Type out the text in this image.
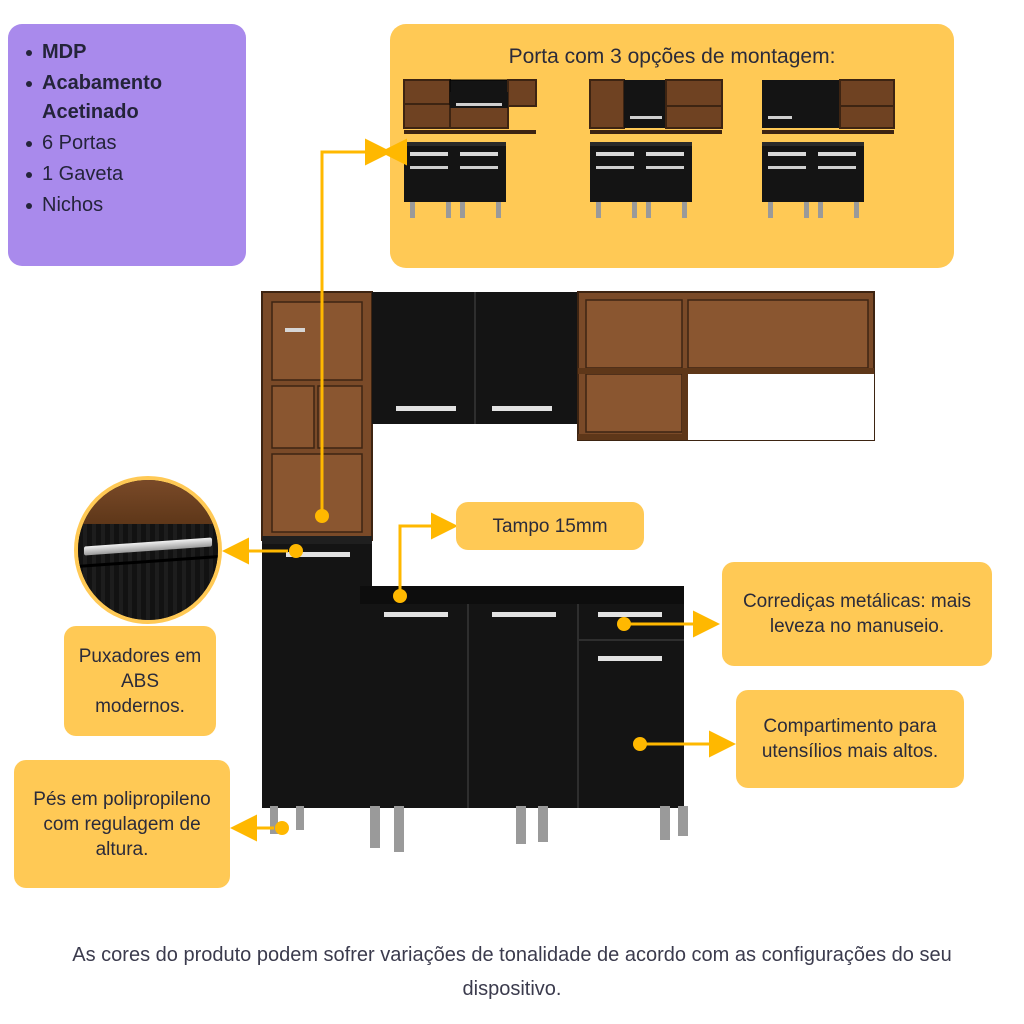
MDP
Acabamento Acetinado
6 Portas
1 Gaveta
Nichos
Porta com 3 opções de montagem:
Tampo 15mm
Corrediças metálicas: mais leveza no manuseio.
Compartimento para utensílios mais altos.
Puxadores em ABS modernos.
Pés em polipropileno com regulagem de altura.
As cores do produto podem sofrer variações de tonalidade de acordo com as configurações do seu dispositivo.
